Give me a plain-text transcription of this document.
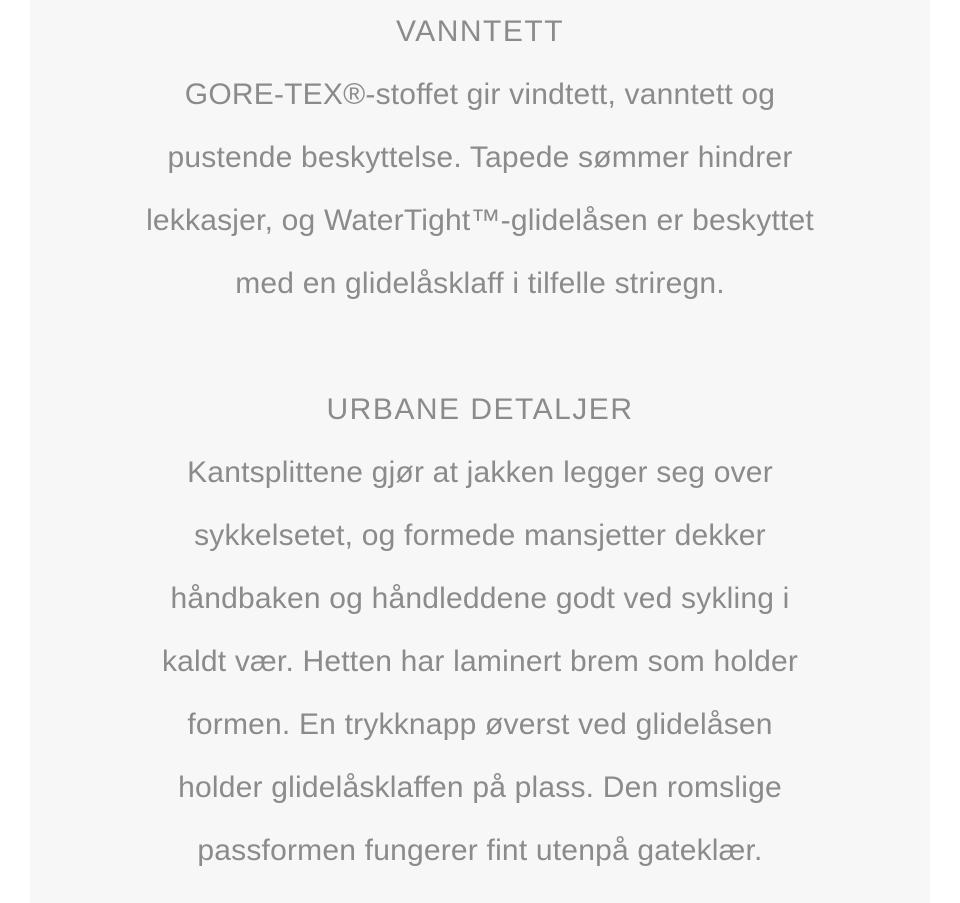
VANNTETT
GORE-TEX®-stoffet gir vindtett, vanntett og
pustende beskyttelse. Tapede sømmer hindrer
lekkasjer, og WaterTight™-glidelåsen er beskyttet
med en glidelåsklaff i tilfelle striregn.
URBANE DETALJER
Kantsplittene gjør at jakken legger seg over
sykkelsetet, og formede mansjetter dekker
håndbaken og håndleddene godt ved sykling i
kaldt vær. Hetten har laminert brem som holder
formen. En trykknapp øverst ved glidelåsen
holder glidelåsklaffen på plass. Den romslige
passformen fungerer fint utenpå gateklær.
